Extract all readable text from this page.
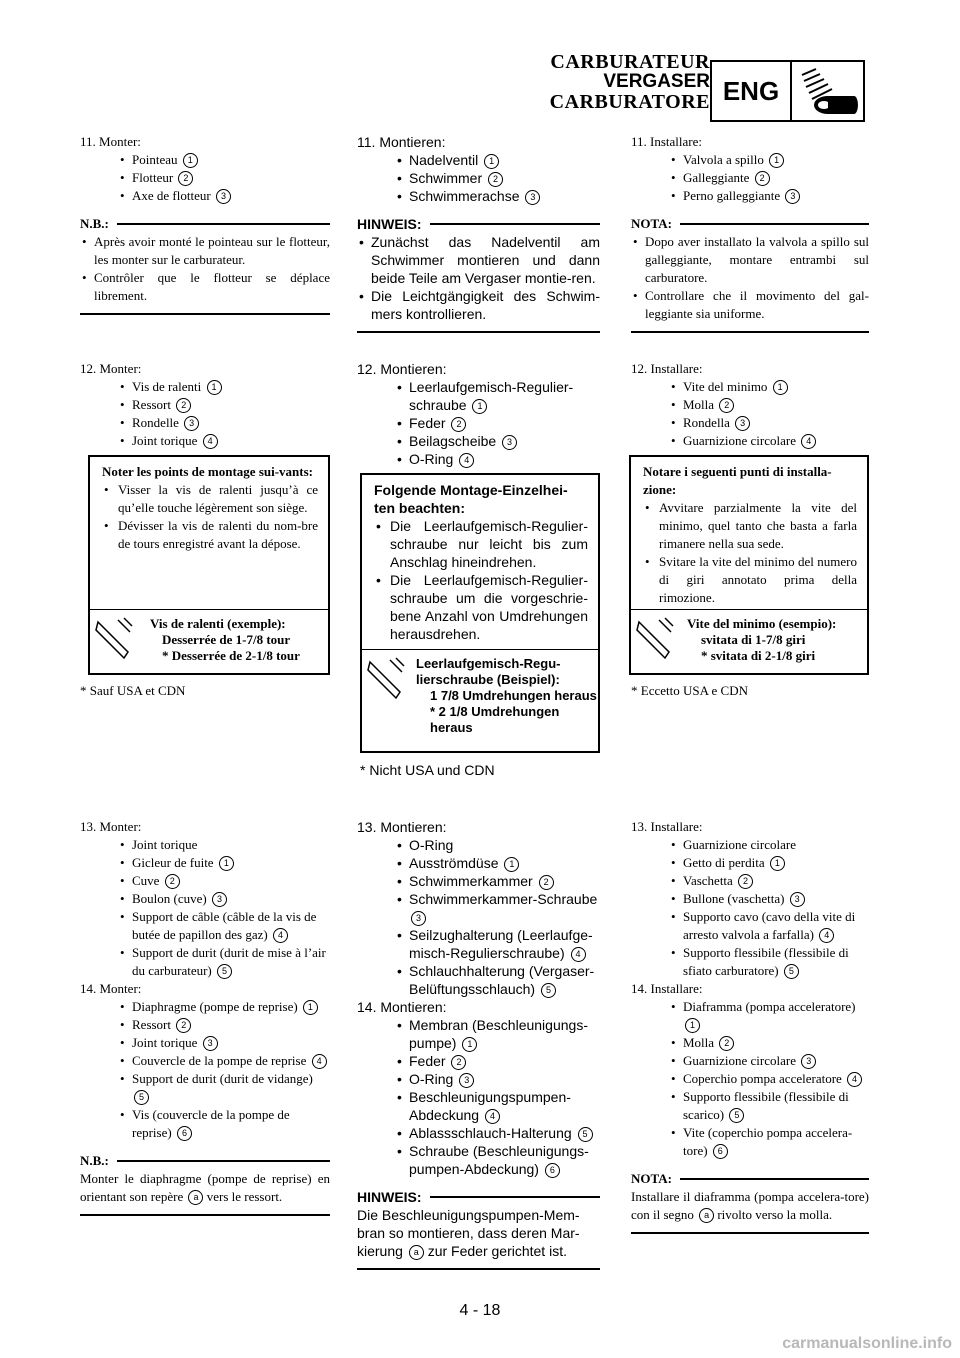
CARBURATEUR
VERGASER
CARBURATORE ENG

11. Monter:

• Pointeau 1
• Flotteur 2
• Axe de flotteur 3
N.B.:
• Après avoir monté le pointeau sur le flotteur, les monter sur le carburateur.
• Contrôler que le flotteur se déplace librement.

12. Monter:

• Vis de ralenti 1
• Ressort 2
• Rondelle 3
• Joint torique 4

Noter les points de montage sui-vants:

• Visser la vis de ralenti jusqu’à ce qu’elle touche légèrement son siège.
• Dévisser la vis de ralenti du nom-bre de tours enregistré avant la dépose.
Vis de ralenti (exemple):
Desserrée de 1-7/8 tour
* Desserrée de 2-1/8 tour
* Sauf USA et CDN

13. Monter:

• Joint torique
• Gicleur de fuite 1
• Cuve 2
• Boulon (cuve) 3
• Support de câble (câble de la vis de butée de papillon des gaz) 4
• Support de durit (durit de mise à l’air du carburateur) 5

14. Monter:

• Diaphragme (pompe de reprise) 1
• Ressort 2
• Joint torique 3
• Couvercle de la pompe de reprise 4
• Support de durit (durit de vidange) 5
• Vis (couvercle de la pompe de reprise) 6
N.B.:
Monter le diaphragme (pompe de reprise) en orientant son repère a vers le ressort.

11. Montieren:

• Nadelventil 1
• Schwimmer 2
• Schwimmerachse 3
HINWEIS:
• Zunächst das Nadelventil am Schwimmer montieren und dann beide Teile am Vergaser montie-ren.
• Die Leichtgängigkeit des Schwim-mers kontrollieren.

12. Montieren:

• Leerlaufgemisch-Regulier-schraube 1
• Feder 2
• Beilagscheibe 3
• O-Ring 4

Folgende Montage-Einzelhei-ten beachten:

• Die Leerlaufgemisch-Regulier-schraube nur leicht bis zum Anschlag hineindrehen.
• Die Leerlaufgemisch-Regulier-schraube um die vorgeschrie-bene Anzahl von Umdrehungen herausdrehen.
Leerlaufgemisch-Regu-lierschraube (Beispiel):
1 7/8 Umdrehungen heraus
* 2 1/8 Umdrehungen heraus
* Nicht USA und CDN

13. Montieren:

• O-Ring
• Ausströmdüse 1
• Schwimmerkammer 2
• Schwimmerkammer-Schraube 3
• Seilzughalterung (Leerlaufge-misch-Regulierschraube) 4
• Schlauchhalterung (Vergaser-Belüftungsschlauch) 5

14. Montieren:

• Membran (Beschleunigungs-pumpe) 1
• Feder 2
• O-Ring 3
• Beschleunigungspumpen-Abdeckung 4
• Ablassschlauch-Halterung 5
• Schraube (Beschleunigungs-pumpen-Abdeckung) 6
HINWEIS:
Die Beschleunigungspumpen-Mem-bran so montieren, dass deren Mar-kierung a zur Feder gerichtet ist.

11. Installare:

• Valvola a spillo 1
• Galleggiante 2
• Perno galleggiante 3
NOTA:
• Dopo aver installato la valvola a spillo sul galleggiante, montare entrambi sul carburatore.
• Controllare che il movimento del gal-leggiante sia uniforme.

12. Installare:

• Vite del minimo 1
• Molla 2
• Rondella 3
• Guarnizione circolare 4

Notare i seguenti punti di installa-zione:

• Avvitare parzialmente la vite del minimo, quel tanto che basta a farla rimanere nella sua sede.
• Svitare la vite del minimo del numero di giri annotato prima della rimozione.
Vite del minimo (esempio):
svitata di 1-7/8 giri
* svitata di 2-1/8 giri
* Eccetto USA e CDN

13. Installare:

• Guarnizione circolare
• Getto di perdita 1
• Vaschetta 2
• Bullone (vaschetta) 3
• Supporto cavo (cavo della vite di arresto valvola a farfalla) 4
• Supporto flessibile (flessibile di sfiato carburatore) 5

14. Installare:

• Diaframma (pompa acceleratore) 1
• Molla 2
• Guarnizione circolare 3
• Coperchio pompa acceleratore 4
• Supporto flessibile (flessibile di scarico) 5
• Vite (coperchio pompa accelera-tore) 6
NOTA:
Installare il diaframma (pompa accelera-tore) con il segno a rivolto verso la molla.
4 - 18
carmanualsonline.info
